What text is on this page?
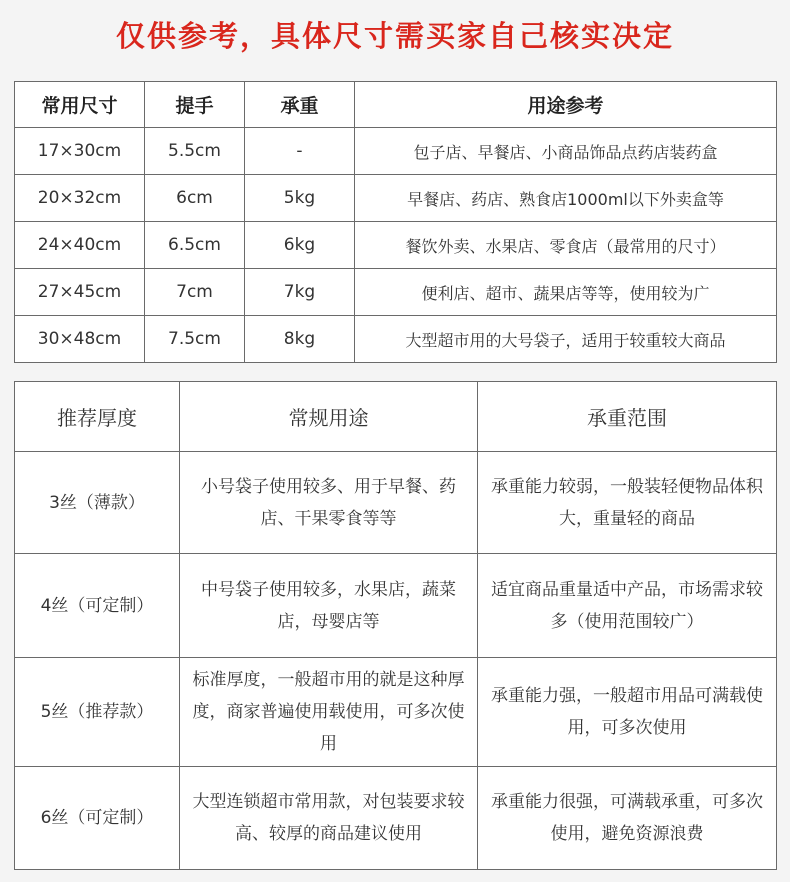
仅供参考，具体尺寸需买家自己核实决定
常用尺寸	提手	承重	用途参考
17×30cm	5.5cm	-	包子店、早餐店、小商品饰品点药店装药盒
20×32cm	6cm	5kg	早餐店、药店、熟食店1000ml以下外卖盒等
24×40cm	6.5cm	6kg	餐饮外卖、水果店、零食店（最常用的尺寸）
27×45cm	7cm	7kg	便利店、超市、蔬果店等等，使用较为广
30×48cm	7.5cm	8kg	大型超市用的大号袋子，适用于较重较大商品
推荐厚度	常规用途	承重范围
3丝（薄款）	小号袋子使用较多、用于早餐、药店、干果零食等等	承重能力较弱，一般装轻便物品体积大，重量轻的商品
4丝（可定制）	中号袋子使用较多，水果店，蔬菜店，母婴店等	适宜商品重量适中产品，市场需求较多（使用范围较广）
5丝（推荐款）	标准厚度，一般超市用的就是这种厚度，商家普遍使用载使用，可多次使用	承重能力强，一般超市用品可满载使用，可多次使用
6丝（可定制）	大型连锁超市常用款，对包装要求较高、较厚的商品建议使用	承重能力很强，可满载承重，可多次使用，避免资源浪费
